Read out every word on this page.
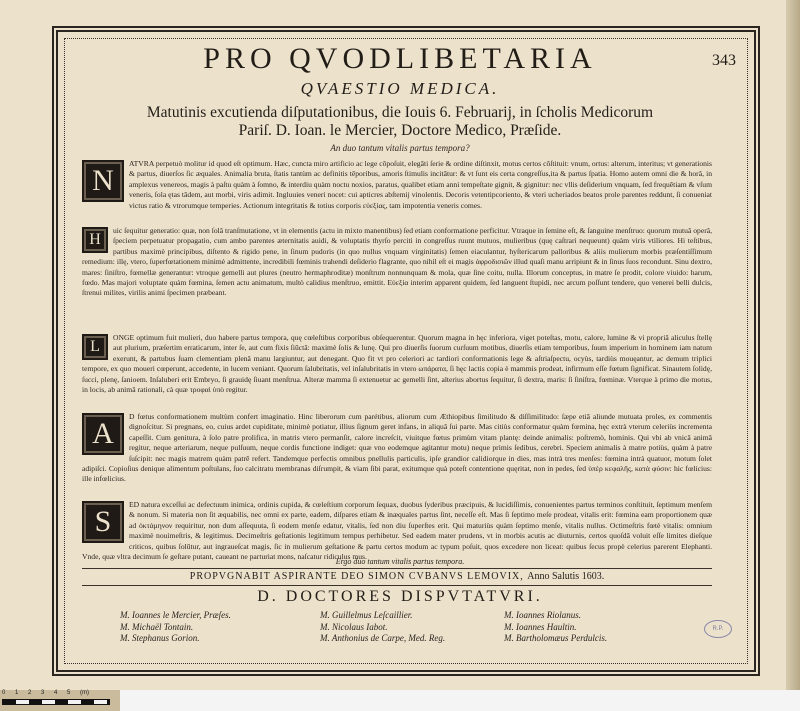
343
PRO QVODLIBETARIA
QVAESTIO MEDICA.
Matutinis excutienda diſputationibus, die Iouis 6. Februarij, in ſcholis Medicorum
Pariſ. D. Ioan. le Mercier, Doctore Medico, Præſide.
An duo tantum vitalis partus tempora?

N
ATVRA perpetuò molitur id quod eſt optimum. Hæc, cuncta miro artificio ac lege cōpoſuit, elegāti ſerie & ordine diſtinxit, motus certos cōſtituit: vnum, ortus: alterum, interitus; vt generationis & partus, diuerſos ſic æquales. Animalia bruta, ſtatis tantùm ac definitis tēporibus, amoris ſtimulis incitātur: & vt ſunt eis certa congreſſus,ita & partus ſpatia. Homo autem omni die & horâ, in amplexus venereos, magis à paſtu quàm à ſomno, & interdiu quàm noctu noxios, paratus, qualibet etiam anni tempeſtate gignit, & gignitur: nec vllis deſiderium vnquam, ſed frequētiam & vſum veneris, ſola ętas tādem, aut morbi, viris adimit. Ingluuies veneri nocet: cui apticres abſtemij vinolentis. Decoris vetentipcoriento, & vteri ucheriados beatos prole parentes reddunt, ſi conueniat victus ratio & vtrorumque temperies. Actionum integritatis & totius corporis εὐεξίας, tam impotentia veneris comes.

H
uic ſequitur generatio: quæ, non ſolâ tranſmutatione, vt in elementis (actu in mixto manentibus) ſed etiam conformatione perficitur. Vtraque in ſemine eſt, & ſanguine menſtruo: quorum mutuâ operâ, ſpeciem perpetuatur propagatio, cum ambo parentes æternitatis auidi, & voluptatis thyrſo perciti in congreſſus ruunt mutuos, mulieribus (quę caſtrari nequeunt) quàm viris vtiliores. Hi teſtibus, partibus maximè principibus, diſtento & rigido pene, in ſinum pudoris (in quo nullus vnquam virginitatis) ſemen eiaculantur, hyſtericarum palloribus & aliis mulierum morbis præſentiſſimum remedium: illę, vtero, ſuperfœtationem minimè admittente, incredibili fœminis trahendi deſiderio flagrante, quo nihil eſt ei magis ἀφροδισιῶν illud quaſi manu arripiunt & in ſinus ſuos recondunt. Sinu dextro, mares: ſiniſtro, fœmellæ generantur: vtroque gemelli aut plures (neutro hermaphroditæ) monſtrum nonnunquam & mola, quæ ſine coitu, nulla. Illorum conceptus, in matre ſe prodit, colore viuido: harum, fœdo. Mas majori voluptate quàm fœmina, ſemen actu animatum, multò calidius menſtruo, emittit. Εὐεξία interim apparent quidem, ſed languent ſtupidi, nec arcum poſſunt tendere, quo venerei belli dulcis, ſtrenui milites, virilis animi ſpecimen præbeant.

L
ONGE optimum fuit mulieri, duo habere partus tempora, quę cœleſtibus corporibus obſequerentur. Quorum magna in hęc inferiora, viget poteſtas, motu, calore, lumine & vi propriâ aliculus ſtellę aut plurium, præſertim erraticarum, inter ſe, aut cum fixis ſiūctâ: maximè ſolis & lunę. Qui pro diuerſis ſuorum curſuum motibus, diuerſis etiam temporibus, ſuum imperium in hominem iam natum exerunt, & partubus ſuam clementiam plenâ manu largiuntur, aut denegant. Quo fit vt pro celeriori ac tardiori conformationis lege & aſtriaſpectu, ocyùs, tardiùs mouęantur, ac demum triplici tempore, ex quo moueri cœperunt, accedente, in lucem veniant. Quorum ſalubritatis, vel inſalubritatis in vtero ωπάρατα, ſi hęc lactis copia è mammis prodeat, infirmum eſſe fœtum ſignificat. Sinautem ſolidę, ſucci, plenę, ſanioem. Inſaluberi erit Embryo, ſi grauidę ſiuant menſtrua. Alteræ mamma ſi extenuetur ac gemelli ſint, alterius abortus ſequitur, ſi dextra, maris: ſi ſiniſtra, fœminæ. Vterque à primo die motus, in locis, ab animâ rationali, cà quæ τροφαὶ ὑπὸ regitur.

A
D fœtus conformationem multùm confert imaginatio. Hinc liberorum cum parétibus, aliorum cum Æthiopibus ſimilitudo & diſſimilitudo: ſæpe etiā aliunde mutuata proles, ex commentis dignoſcitur. Si pregnans, eo, cuius ardet cupiditate, minimè potiatur, illius ſignum geret infans, in aliquâ ſui parte. Mas citiùs conformatur quàm fœmina, hęc extrà vterum celeriùs incrementa capeſſit. Cum genitura, à ſolo patre prolifica, in matris vtero permanſit, calore increſcit, viuitque fœtus primùm vitam plantę: deinde animalis: poſtremò, hominis. Qui vbi ab vnicâ animâ regitur, neque arteriarum, neque pulſuum, neque cordis functione indiget: quæ vno eodemque agitantur motu) neque primis ſedibus, cerebri. Speciem animalis à matre potiùs, quàm à patre ſuſcipit: nec magis matrem quàm patrē refert. Tandemque perfectis omnibus pnellulis particulis, ipſe grandior calidiorque in dies, mas intrà tres menſes: fœmina intrà quatuor, motum ſolet adipiſci. Copioſius denique alimentum poſtulans, ſuo calcitratu membranas diſrumpit, & viam ſibi parat, exitumque quà poteſt contentione quęritat, non in pedes, ſed ὑπὲρ κεφαλῆς, κατὰ φύσιν: hic fœlicius: ille infœlicius.

S
ED natura exceſſui ac defectuum inimica, ordinis cupida, & cœleſtium corporum ſequax, duobus ſyderibus præcipuis, & lucidiſſimis, conuenientes partus terminos conſtituit, ſeptimum menſem & nonum. Si materia non ſit æquabilis, nec omni ex parte, eadem, diſpares etiam & inæquales partus ſint, neceſſe eſt. Mas ſi ſeptimo meſe prodeat, vitalis erit: fœmina eam proportionem quæ ad ὀκτάμηνον requiritur, non dum aſſequuta, ſi eodem menſe edatur, vitalis, ſed non diu ſuperſtes erit. Qui maturiùs quàm ſeptimo menſe, vitalis nullus. Octimeſtris fœtè vitalis: omnium maximè nouimeſtris, & legitimus. Decimeſtris geſtationis legitimum tempus perhibetur. Sed eadem mater prudens, vt in morbis acutis ac diuturnis, certos quoſdā voluit eſſe limites dieſque criticos, quibus ſolūtur, aut ingraueſcat magis, ſic in mulierum geſtatione & partu certos modum ac typum poſuit, quos excedere non liceat: quibus ſecus propè celerius parerent Elephanti. Vnde, quæ vltra decimum ſe geſtare putant, caueant ne parturiat mons, naſcatur ridiculus mus.

Ergo duo tantum vitalis partus tempora.
PROPVGNABIT ASPIRANTE DEO SIMON CVBANVS LEMOVIX, Anno Salutis 1603.
D. DOCTORES DISPVTATVRI.
M. Ioannes le Mercier, Præſes.
M. Michaël Tontain.
M. Stephanus Gorion.
M. Guillelmus Leſcaillier.
M. Nicolaus Iabot.
M. Anthonius de Carpe, Med. Reg.
M. Ioannes Riolanus.
M. Ioannes Haultin.
M. Bartholomæus Perdulcis.
R.P.
0 1 2 3 4 5 (m)
